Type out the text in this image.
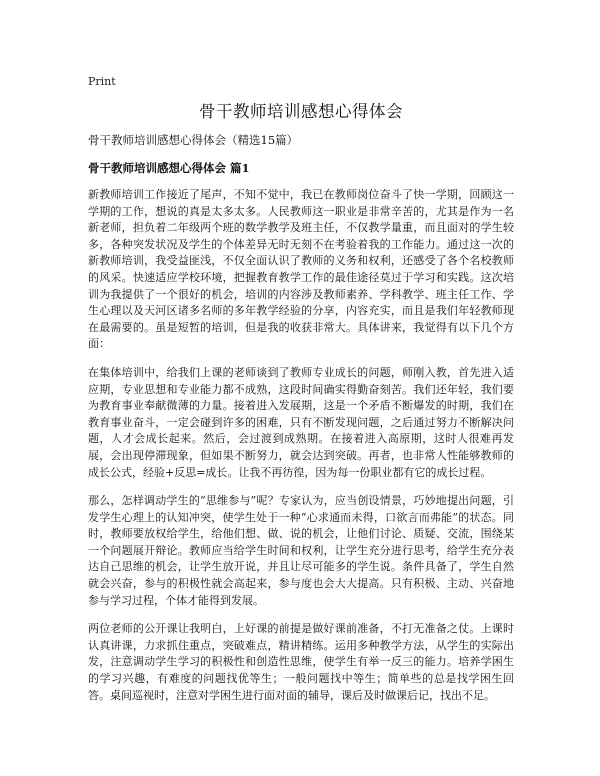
Print
骨干教师培训感想心得体会

骨干教师培训感想心得体会（精选15篇）

骨干教师培训感想心得体会 篇1

新教师培训工作接近了尾声，不知不觉中，我已在教师岗位奋斗了快一学期，回顾这一学期的工作，想说的真是太多太多。人民教师这一职业是非常辛苦的，尤其是作为一名新老师，担负着二年级两个班的数学教学及班主任，不仅教学量重，而且面对的学生较多，各种突发状况及学生的个体差异无时无刻不在考验着我的工作能力。通过这一次的新教师培训，我受益匪浅，不仅全面认识了教师的义务和权利，还感受了各个名校教师的风采。快速适应学校环境，把握教育教学工作的最佳途径莫过于学习和实践。这次培训为我提供了一个很好的机会，培训的内容涉及教师素养、学科教学、班主任工作、学生心理以及天河区诸多名师的多年教学经验的分享，内容充实，而且是我们年轻教师现在最需要的。虽是短暂的培训，但是我的收获非常大。具体讲来，我觉得有以下几个方面：

在集体培训中，给我们上课的老师谈到了教师专业成长的问题，师刚入教，首先进入适应期，专业思想和专业能力都不成熟，这段时间确实得勤奋刻苦。我们还年轻，我们要为教育事业奉献微薄的力量。接着进入发展期，这是一个矛盾不断爆发的时期，我们在教育事业奋斗，一定会碰到许多的困难，只有不断发现问题，之后通过努力不断解决问题，人才会成长起来。然后，会过渡到成熟期。在接着进入高原期，这时人很难再发展，会出现停滞现象，但如果不断努力，就会达到突破。再者，也非常人性能够教师的成长公式，经验+反思=成长。让我不再彷徨，因为每一份职业都有它的成长过程。

那么，怎样调动学生的“思维参与”呢？专家认为，应当创设情景，巧妙地提出问题，引发学生心理上的认知冲突，使学生处于一种“心求通而未得，口欲言而弗能”的状态。同时，教师要放权给学生，给他们想、做、说的机会，让他们讨论、质疑、交流，围绕某一个问题展开辩论。教师应当给学生时间和权利，让学生充分进行思考，给学生充分表达自己思维的机会，让学生放开说，并且让尽可能多的学生说。条件具备了，学生自然就会兴奋，参与的积极性就会高起来，参与度也会大大提高。只有积极、主动、兴奋地参与学习过程，个体才能得到发展。

两位老师的公开课让我明白，上好课的前提是做好课前准备，不打无准备之仗。上课时认真讲课，力求抓住重点，突破难点，精讲精练。运用多种教学方法，从学生的实际出发，注意调动学生学习的积极性和创造性思维，使学生有举一反三的能力。培养学困生的学习兴趣，有难度的问题找优等生；一般问题找中等生；简单些的总是找学困生回答。桌间巡视时，注意对学困生进行面对面的辅导，课后及时做课后记，找出不足。
